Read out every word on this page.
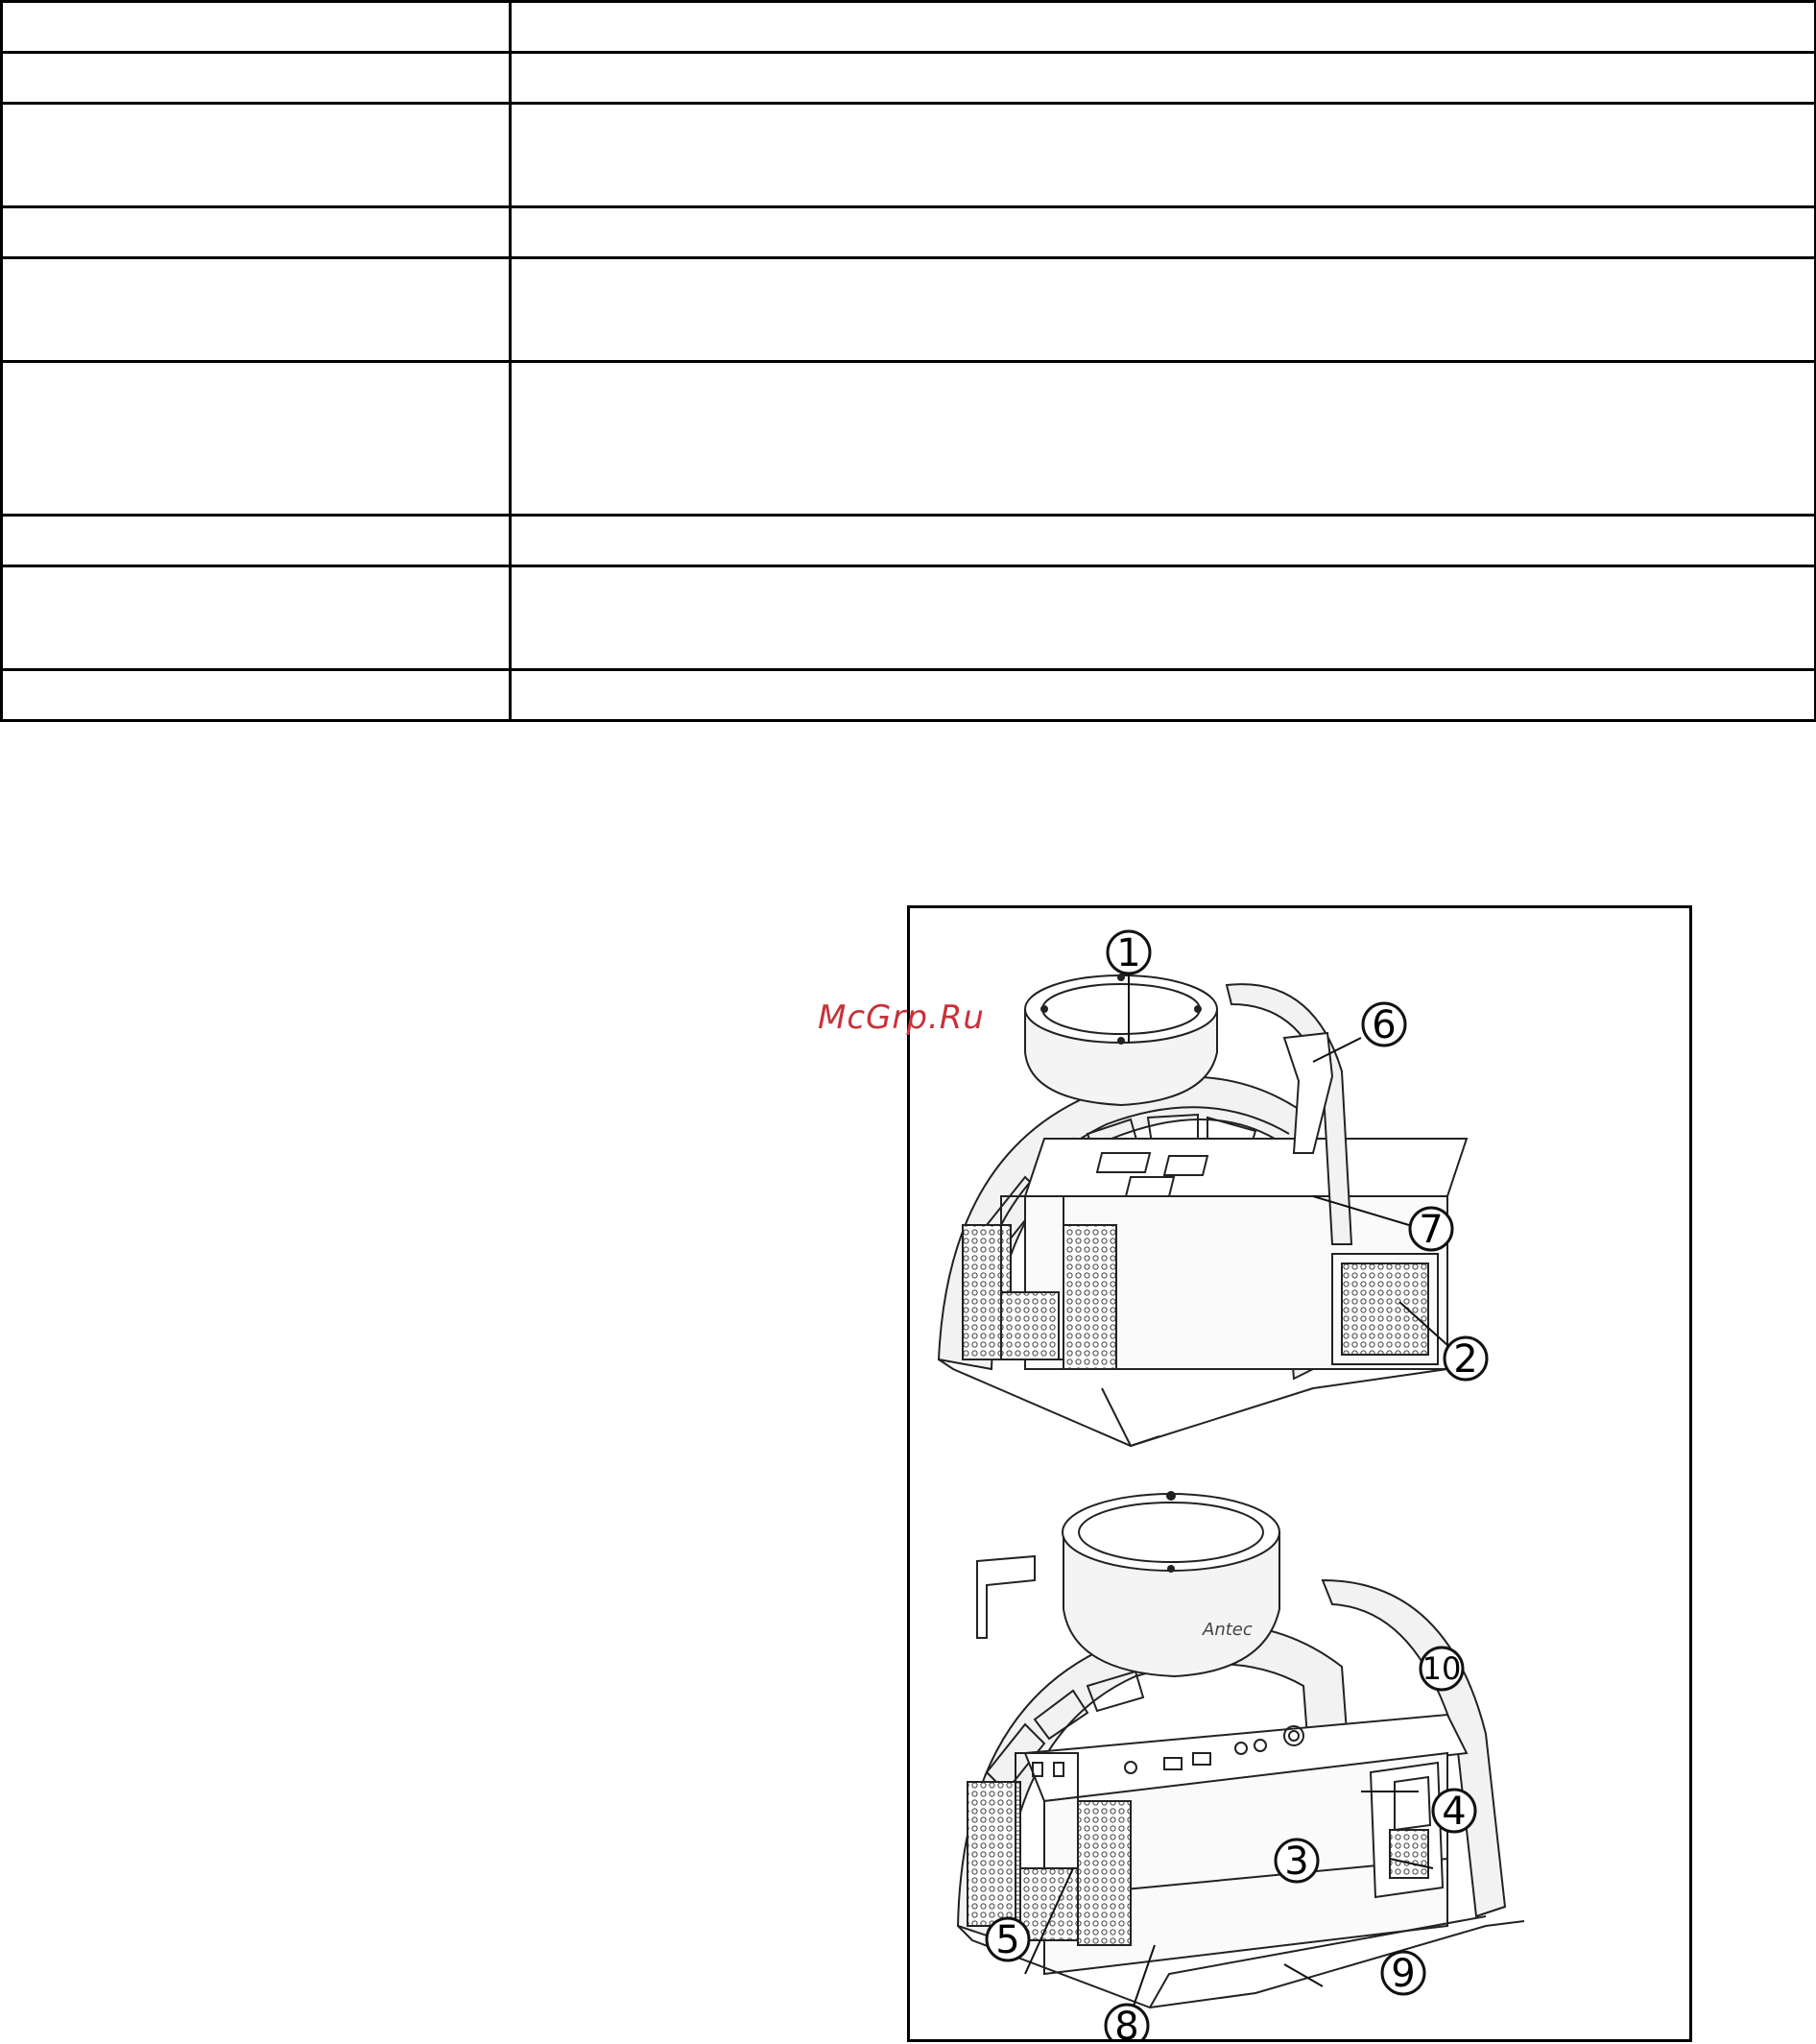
Antec
1
6
7
2
10
4
3
5
9
8
McGrp.Ru
